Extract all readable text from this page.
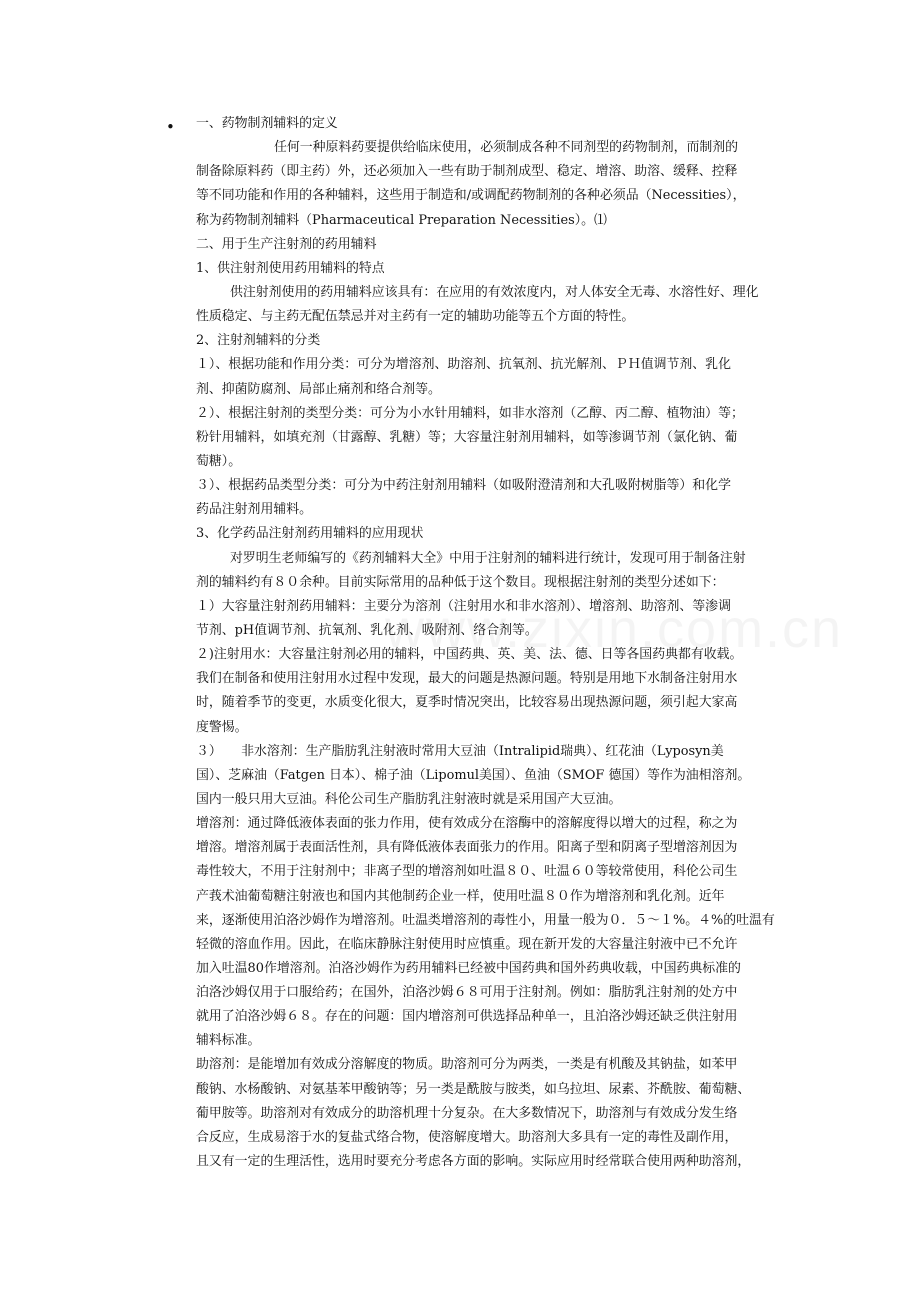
• 一、药物制剂辅料的定义
任何一种原料药要提供给临床使用，必须制成各种不同剂型的药物制剂，而制剂的
制备除原料药（即主药）外，还必须加入一些有助于制剂成型、稳定、增溶、助溶、缓释、控释
等不同功能和作用的各种辅料，这些用于制造和/或调配药物制剂的各种必须品（Necessities），
称为药物制剂辅料（Pharmaceutical Preparation Necessities）。⑴
二、用于生产注射剂的药用辅料
1、供注射剂使用药用辅料的特点
供注射剂使用的药用辅料应该具有：在应用的有效浓度内，对人体安全无毒、水溶性好、理化
性质稳定、与主药无配伍禁忌并对主药有一定的辅助功能等五个方面的特性。
2、注射剂辅料的分类
１）、根据功能和作用分类：可分为增溶剂、助溶剂、抗氧剂、抗光解剂、ＰＨ值调节剂、乳化
剂、抑菌防腐剂、局部止痛剂和络合剂等。
２）、根据注射剂的类型分类：可分为小水针用辅料，如非水溶剂（乙醇、丙二醇、植物油）等；
粉针用辅料，如填充剂（甘露醇、乳糖）等；大容量注射剂用辅料，如等渗调节剂（氯化钠、葡
萄糖）。
３）、根据药品类型分类：可分为中药注射剂用辅料（如吸附澄清剂和大孔吸附树脂等）和化学
药品注射剂用辅料。
3、化学药品注射剂药用辅料的应用现状
对罗明生老师编写的《药剂辅料大全》中用于注射剂的辅料进行统计，发现可用于制备注射
剂的辅料约有８０余种。目前实际常用的品种低于这个数目。现根据注射剂的类型分述如下：
１）大容量注射剂药用辅料：主要分为溶剂（注射用水和非水溶剂）、增溶剂、助溶剂、等渗调
节剂、pH值调节剂、抗氧剂、乳化剂、吸附剂、络合剂等。
２)注射用水：大容量注射剂必用的辅料，中国药典、英、美、法、德、日等各国药典都有收载。
我们在制备和使用注射用水过程中发现，最大的问题是热源问题。特别是用地下水制备注射用水
时，随着季节的变更，水质变化很大，夏季时情况突出，比较容易出现热源问题，须引起大家高
度警惕。
３）　　非水溶剂：生产脂肪乳注射液时常用大豆油（Intralipid瑞典）、红花油（Lyposyn美
国）、芝麻油（Fatgen 日本）、棉子油（Lipomul美国）、鱼油（SMOF 德国）等作为油相溶剂。
国内一般只用大豆油。科伦公司生产脂肪乳注射液时就是采用国产大豆油。
增溶剂：通过降低液体表面的张力作用，使有效成分在溶酶中的溶解度得以增大的过程，称之为
增溶。增溶剂属于表面活性剂，具有降低液体表面张力的作用。阳离子型和阴离子型增溶剂因为
毒性较大，不用于注射剂中；非离子型的增溶剂如吐温８０、吐温６０等较常使用，科伦公司生
产莪术油葡萄糖注射液也和国内其他制药企业一样，使用吐温８０作为增溶剂和乳化剂。近年
来，逐渐使用泊洛沙姆作为增溶剂。吐温类增溶剂的毒性小，用量一般为０．５～１%。４%的吐温有
轻微的溶血作用。因此，在临床静脉注射使用时应慎重。现在新开发的大容量注射液中已不允许
加入吐温80作增溶剂。泊洛沙姆作为药用辅料已经被中国药典和国外药典收载，中国药典标准的
泊洛沙姆仅用于口服给药；在国外，泊洛沙姆６８可用于注射剂。例如：脂肪乳注射剂的处方中
就用了泊洛沙姆６８。存在的问题：国内增溶剂可供选择品种单一，且泊洛沙姆还缺乏供注射用
辅料标准。
助溶剂：是能增加有效成分溶解度的物质。助溶剂可分为两类，一类是有机酸及其钠盐，如苯甲
酸钠、水杨酸钠、对氨基苯甲酸钠等；另一类是酰胺与胺类，如乌拉坦、尿素、芥酰胺、葡萄糖、
葡甲胺等。助溶剂对有效成分的助溶机理十分复杂。在大多数情况下，助溶剂与有效成分发生络
合反应，生成易溶于水的复盐式络合物，使溶解度增大。助溶剂大多具有一定的毒性及副作用，
且又有一定的生理活性，选用时要充分考虑各方面的影响。实际应用时经常联合使用两种助溶剂，
